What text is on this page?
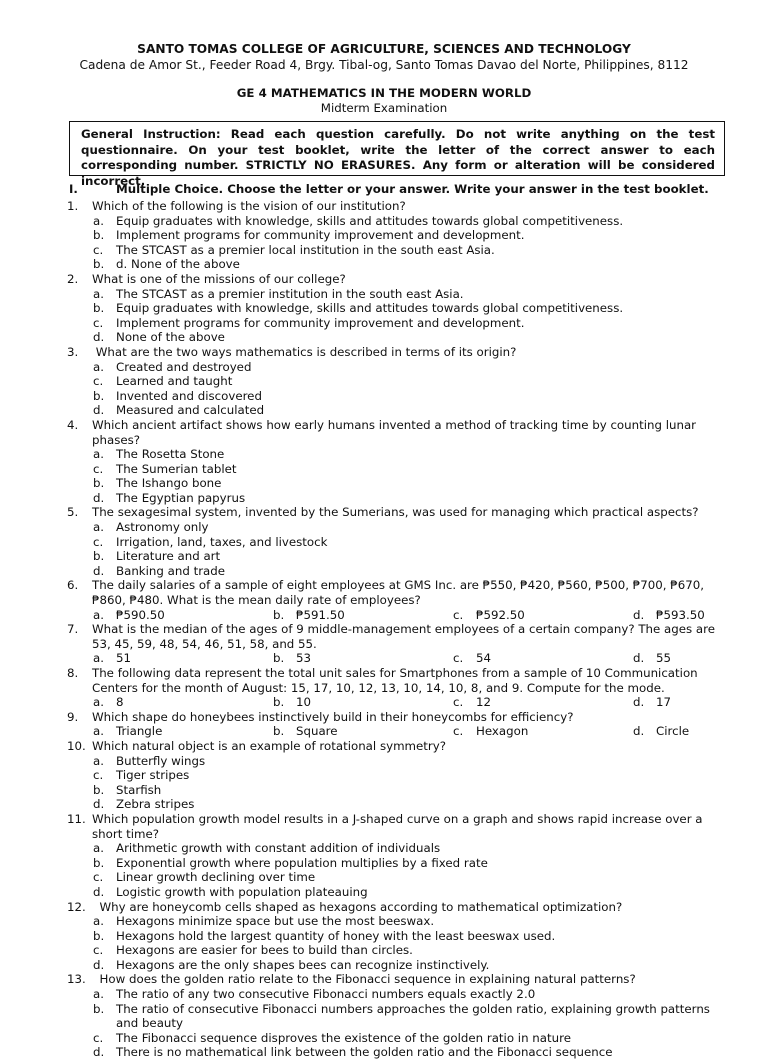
SANTO TOMAS COLLEGE OF AGRICULTURE, SCIENCES AND TECHNOLOGY
Cadena de Amor St., Feeder Road 4, Brgy. Tibal-og, Santo Tomas Davao del Norte, Philippines, 8112
GE 4 MATHEMATICS IN THE MODERN WORLD
Midterm Examination
General Instruction: Read each question carefully. Do not write anything on the test questionnaire. On your test booklet, write the letter of the correct answer to each corresponding number. STRICTLY NO ERASURES. Any form or alteration will be considered incorrect.
I.	Multiple Choice. Choose the letter or your answer. Write your answer in the test booklet.
1. Which of the following is the vision of our institution?
a. Equip graduates with knowledge, skills and attitudes towards global competitiveness.
b. Implement programs for community improvement and development.
c. The STCAST as a premier local institution in the south east Asia.
b. d. None of the above
2. What is one of the missions of our college?
a. The STCAST as a premier institution in the south east Asia.
b. Equip graduates with knowledge, skills and attitudes towards global competitiveness.
c. Implement programs for community improvement and development.
d. None of the above
3. What are the two ways mathematics is described in terms of its origin?
a. Created and destroyed
c. Learned and taught
b. Invented and discovered
d. Measured and calculated
4. Which ancient artifact shows how early humans invented a method of tracking time by counting lunar phases?
a. The Rosetta Stone
c. The Sumerian tablet
b. The Ishango bone
d. The Egyptian papyrus
5. The sexagesimal system, invented by the Sumerians, was used for managing which practical aspects?
a. Astronomy only
c. Irrigation, land, taxes, and livestock
b. Literature and art
d. Banking and trade
6. The daily salaries of a sample of eight employees at GMS Inc. are ₱550, ₱420, ₱560, ₱500, ₱700, ₱670, ₱860, ₱480. What is the mean daily rate of employees?
a. ₱590.50	b. ₱591.50	c. ₱592.50	d. ₱593.50
7. What is the median of the ages of 9 middle-management employees of a certain company? The ages are 53, 45, 59, 48, 54, 46, 51, 58, and 55.
a. 51	b. 53	c. 54	d. 55
8. The following data represent the total unit sales for Smartphones from a sample of 10 Communication Centers for the month of August: 15, 17, 10, 12, 13, 10, 14, 10, 8, and 9. Compute for the mode.
a. 8	b. 10	c. 12	d. 17
9. Which shape do honeybees instinctively build in their honeycombs for efficiency?
a. Triangle	b. Square	c. Hexagon	d. Circle
10. Which natural object is an example of rotational symmetry?
a. Butterfly wings
c. Tiger stripes
b. Starfish
d. Zebra stripes
11. Which population growth model results in a J-shaped curve on a graph and shows rapid increase over a short time?
a. Arithmetic growth with constant addition of individuals
b. Exponential growth where population multiplies by a fixed rate
c. Linear growth declining over time
d. Logistic growth with population plateauing
12. Why are honeycomb cells shaped as hexagons according to mathematical optimization?
a. Hexagons minimize space but use the most beeswax.
b. Hexagons hold the largest quantity of honey with the least beeswax used.
c. Hexagons are easier for bees to build than circles.
d. Hexagons are the only shapes bees can recognize instinctively.
13. How does the golden ratio relate to the Fibonacci sequence in explaining natural patterns?
a. The ratio of any two consecutive Fibonacci numbers equals exactly 2.0
b. The ratio of consecutive Fibonacci numbers approaches the golden ratio, explaining growth patterns and beauty
c. The Fibonacci sequence disproves the existence of the golden ratio in nature
d. There is no mathematical link between the golden ratio and the Fibonacci sequence
